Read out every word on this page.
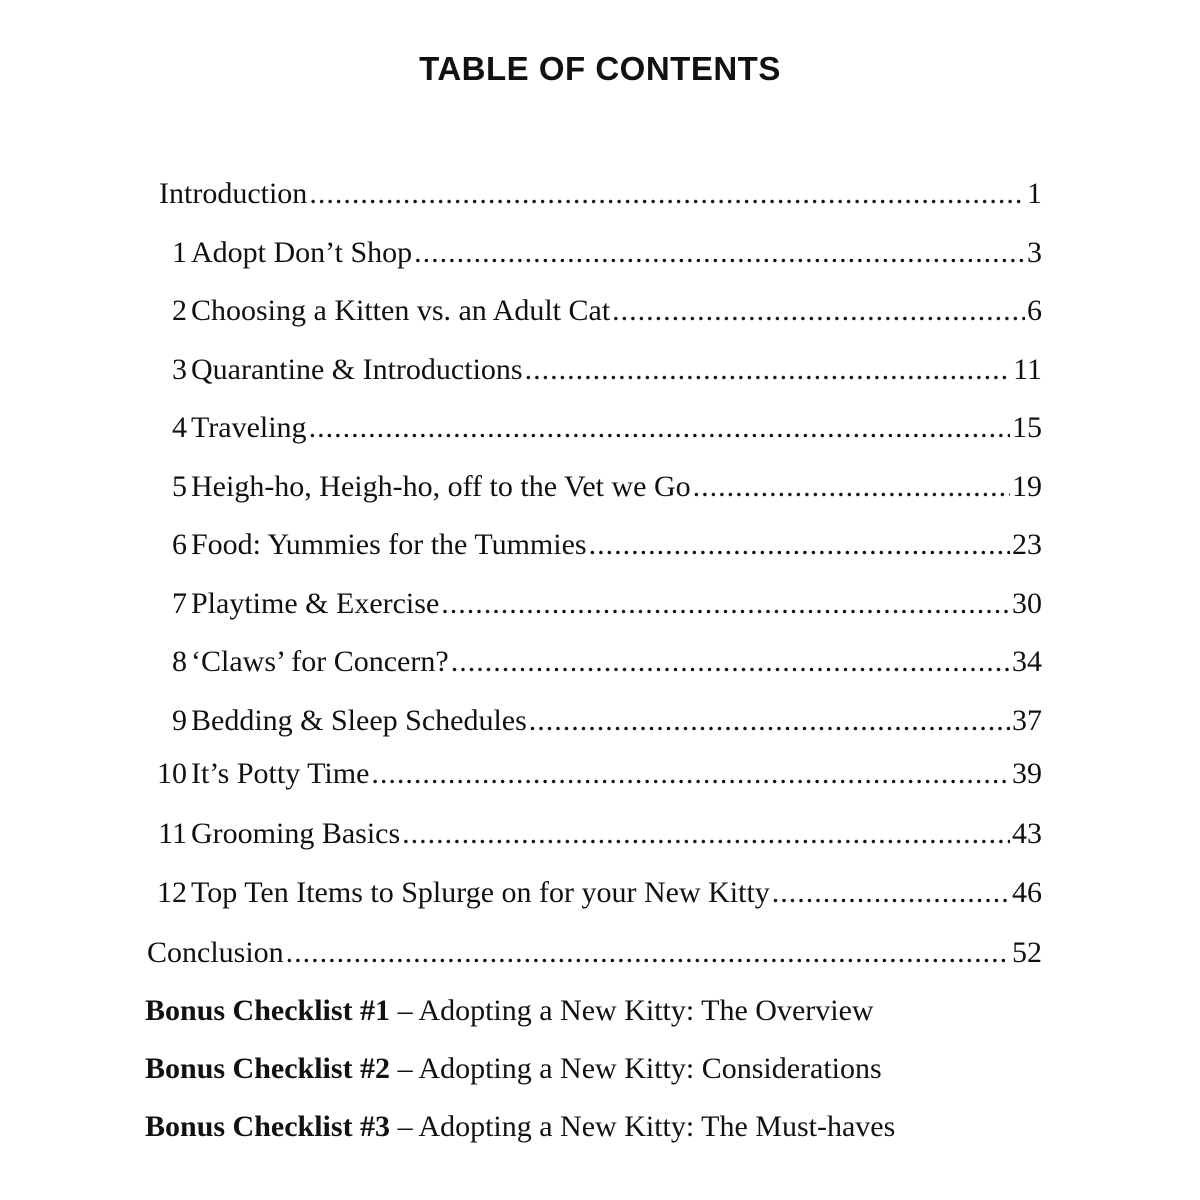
TABLE OF CONTENTS
Introduction .....	1
1 Adopt Don’t Shop .....	3
2 Choosing a Kitten vs. an Adult Cat .....	6
3 Quarantine & Introductions .....	11
4 Traveling .....	15
5 Heigh-ho, Heigh-ho, off to the Vet we Go .....	19
6 Food: Yummies for the Tummies .....	23
7 Playtime & Exercise .....	30
8 ‘Claws’ for Concern? .....	34
9 Bedding & Sleep Schedules .....	37
10 It’s Potty Time .....	39
11 Grooming Basics .....	43
12 Top Ten Items to Splurge on for your New Kitty .....	46
Conclusion .....	52
Bonus Checklist #1 – Adopting a New Kitty: The Overview
Bonus Checklist #2 – Adopting a New Kitty: Considerations
Bonus Checklist #3 – Adopting a New Kitty: The Must-haves
